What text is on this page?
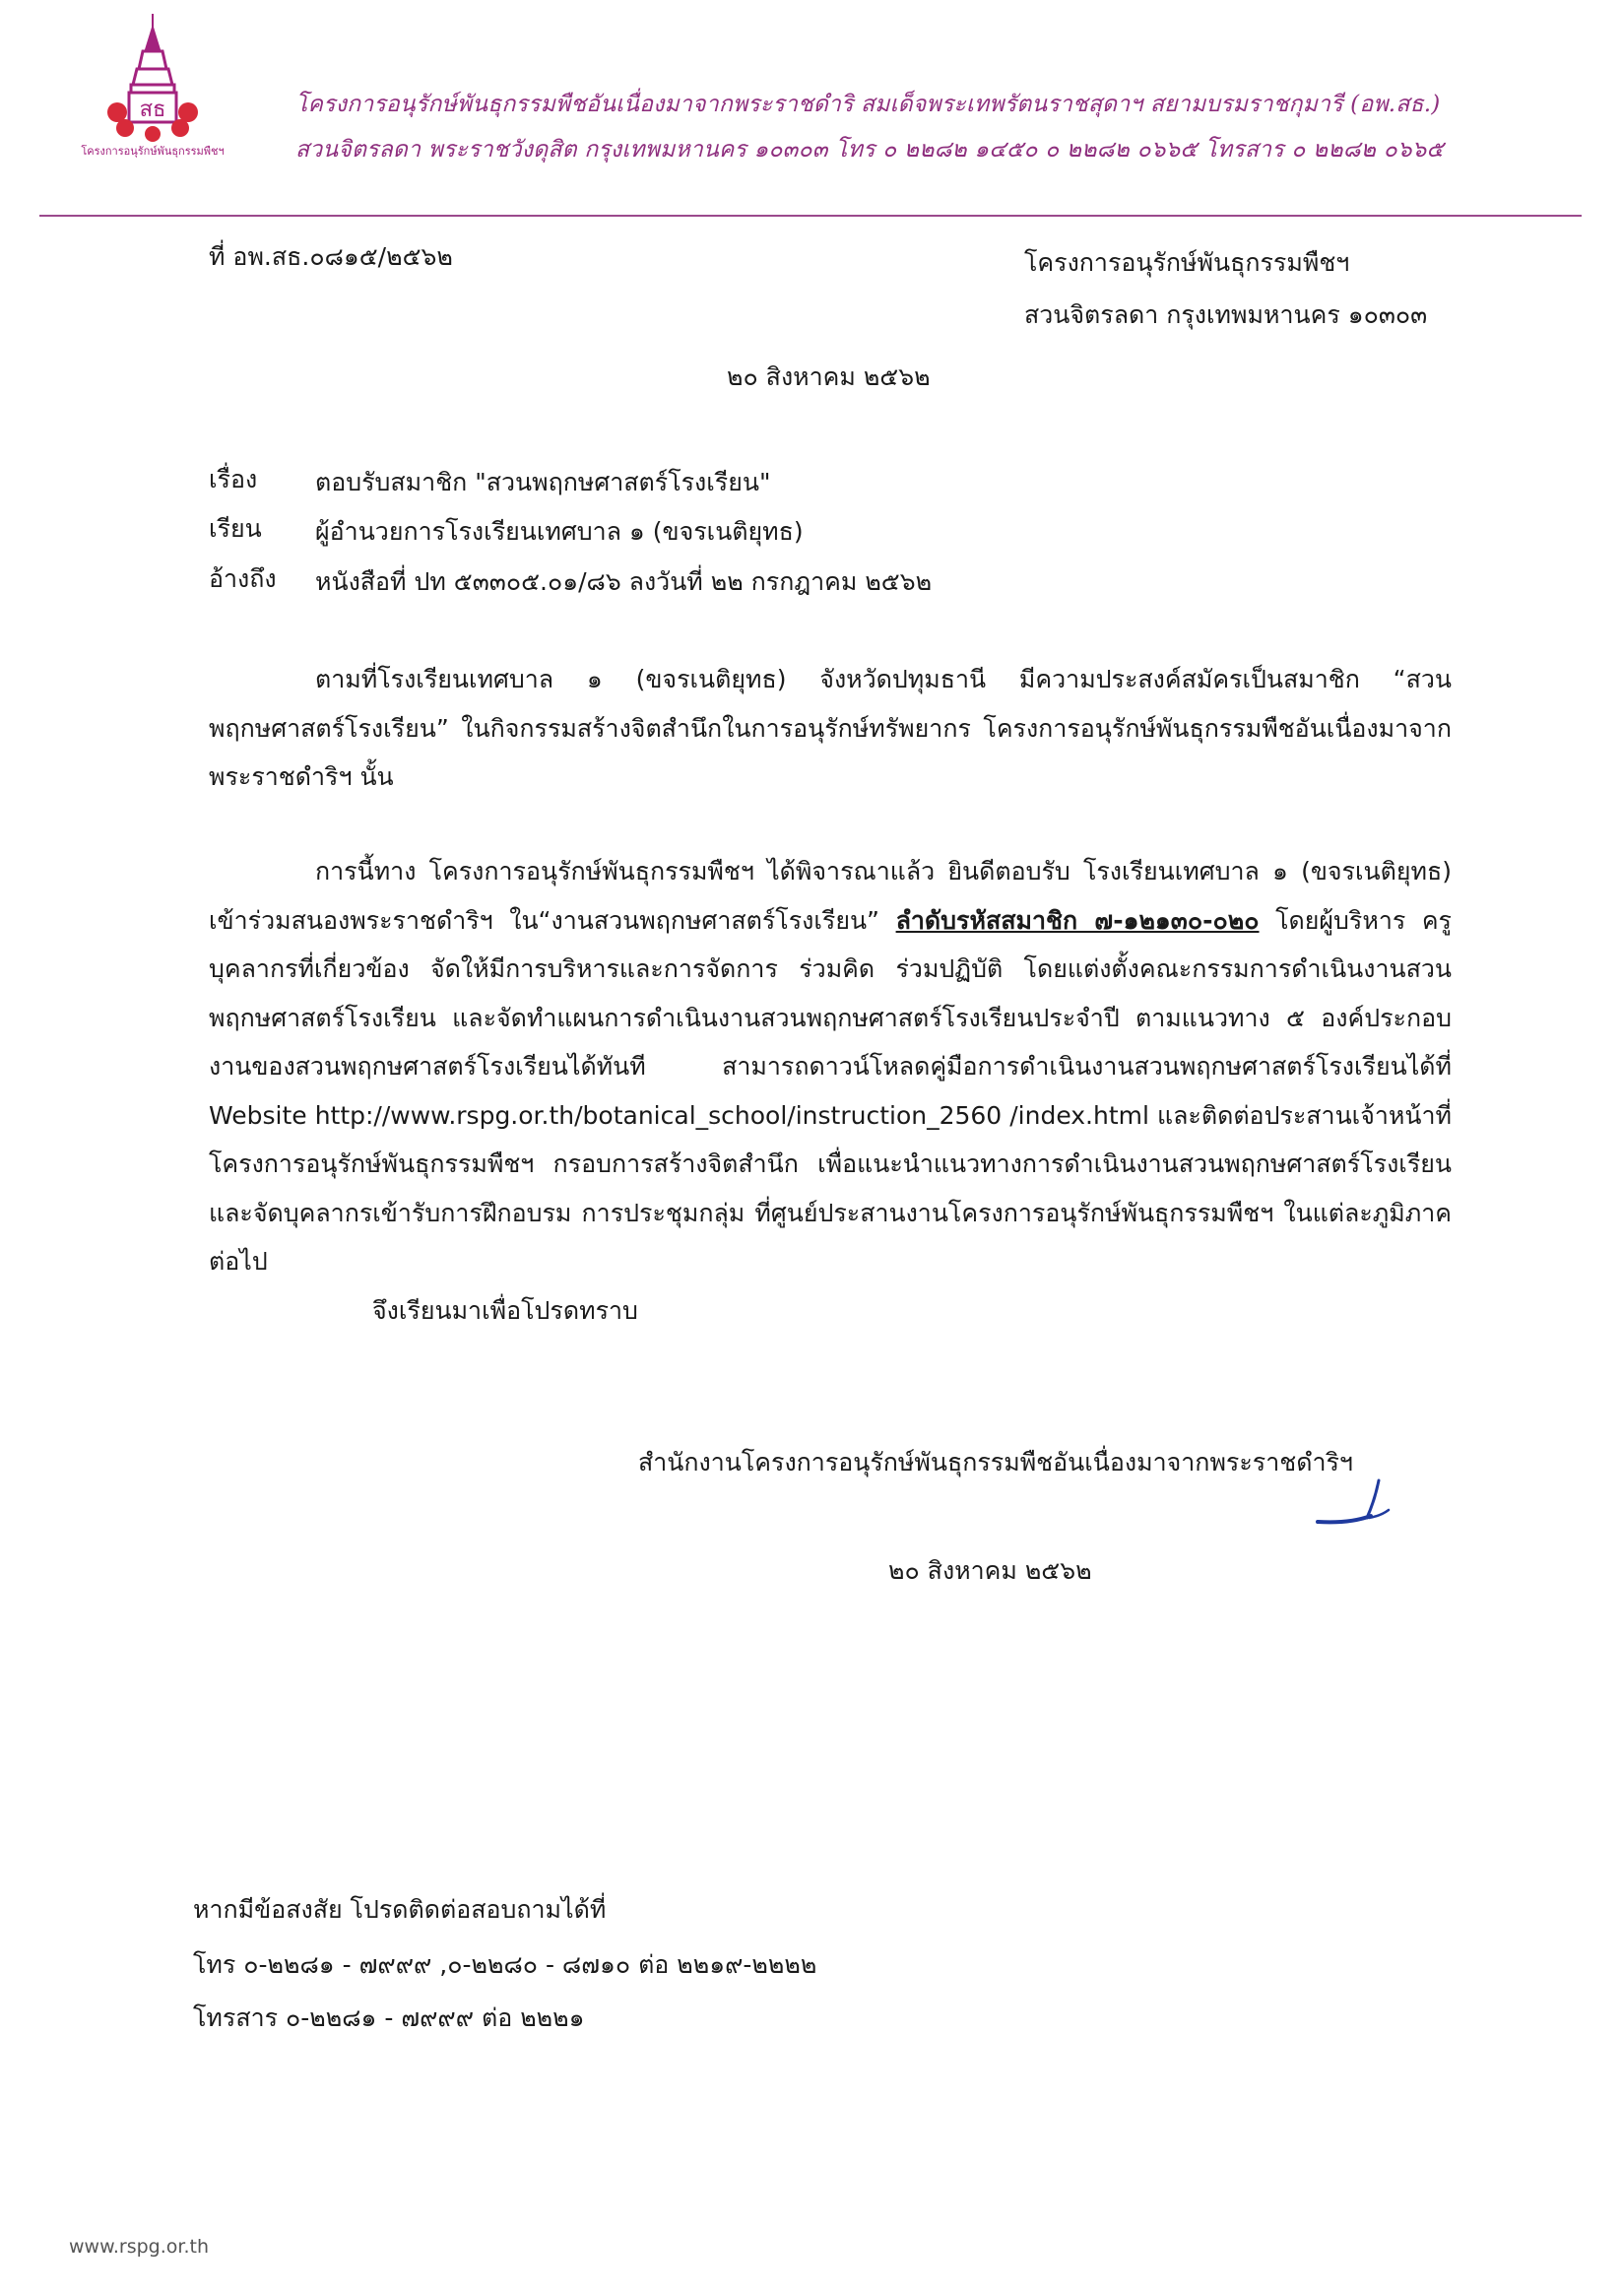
สธ
โครงการอนุรักษ์พันธุกรรมพืชฯ
โครงการอนุรักษ์พันธุกรรมพืชอันเนื่องมาจากพระราชดำริ สมเด็จพระเทพรัตนราชสุดาฯ สยามบรมราชกุมารี (อพ.สธ.)
สวนจิตรลดา พระราชวังดุสิต กรุงเทพมหานคร ๑๐๓๐๓ โทร ๐ ๒๒๘๒ ๑๔๕๐ ๐ ๒๒๘๒ ๐๖๖๕ โทรสาร ๐ ๒๒๘๒ ๐๖๖๕
ที่ อพ.สธ.๐๘๑๕/๒๕๖๒	โครงการอนุรักษ์พันธุกรรมพืชฯ
สวนจิตรลดา กรุงเทพมหานคร ๑๐๓๐๓
๒๐ สิงหาคม ๒๕๖๒
เรื่อง ตอบรับสมาชิก "สวนพฤกษศาสตร์โรงเรียน"
เรียน ผู้อำนวยการโรงเรียนเทศบาล ๑ (ขจรเนติยุทธ)
อ้างถึง หนังสือที่ ปท ๕๓๓๐๕.๐๑/๘๖ ลงวันที่ ๒๒ กรกฎาคม ๒๕๖๒
ตามที่โรงเรียนเทศบาล ๑ (ขจรเนติยุทธ) จังหวัดปทุมธานี มีความประสงค์สมัครเป็นสมาชิก “สวนพฤกษศาสตร์โรงเรียน” ในกิจกรรมสร้างจิตสำนึกในการอนุรักษ์ทรัพยากร โครงการอนุรักษ์พันธุกรรมพืชอันเนื่องมาจากพระราชดำริฯ นั้น
การนี้ทาง โครงการอนุรักษ์พันธุกรรมพืชฯ ได้พิจารณาแล้ว ยินดีตอบรับ โรงเรียนเทศบาล ๑ (ขจรเนติยุทธ) เข้าร่วมสนองพระราชดำริฯ ใน“งานสวนพฤกษศาสตร์โรงเรียน” ลำดับรหัสสมาชิก ๗-๑๒๑๓๐-๐๒๐ โดยผู้บริหาร ครู บุคลากรที่เกี่ยวข้อง จัดให้มีการบริหารและการจัดการ ร่วมคิด ร่วมปฏิบัติ โดยแต่งตั้งคณะกรรมการดำเนินงานสวนพฤกษศาสตร์โรงเรียน และจัดทำแผนการดำเนินงานสวนพฤกษศาสตร์โรงเรียนประจำปี ตามแนวทาง ๕ องค์ประกอบงานของสวนพฤกษศาสตร์โรงเรียนได้ทันที สามารถดาวน์โหลดคู่มือการดำเนินงานสวนพฤกษศาสตร์โรงเรียนได้ที่ Website http://www.rspg.or.th/botanical_school/instruction_2560 /index.html และติดต่อประสานเจ้าหน้าที่ โครงการอนุรักษ์พันธุกรรมพืชฯ กรอบการสร้างจิตสำนึก เพื่อแนะนำแนวทางการดำเนินงานสวนพฤกษศาสตร์โรงเรียน และจัดบุคลากรเข้ารับการฝึกอบรม การประชุมกลุ่ม ที่ศูนย์ประสานงานโครงการอนุรักษ์พันธุกรรมพืชฯ ในแต่ละภูมิภาคต่อไป
จึงเรียนมาเพื่อโปรดทราบ
สำนักงานโครงการอนุรักษ์พันธุกรรมพืชอันเนื่องมาจากพระราชดำริฯ
๒๐ สิงหาคม ๒๕๖๒
หากมีข้อสงสัย โปรดติดต่อสอบถามได้ที่
โทร ๐-๒๒๘๑ - ๗๙๙๙ ,๐-๒๒๘๐ - ๘๗๑๐ ต่อ ๒๒๑๙-๒๒๒๒
โทรสาร ๐-๒๒๘๑ - ๗๙๙๙ ต่อ ๒๒๒๑
www.rspg.or.th
